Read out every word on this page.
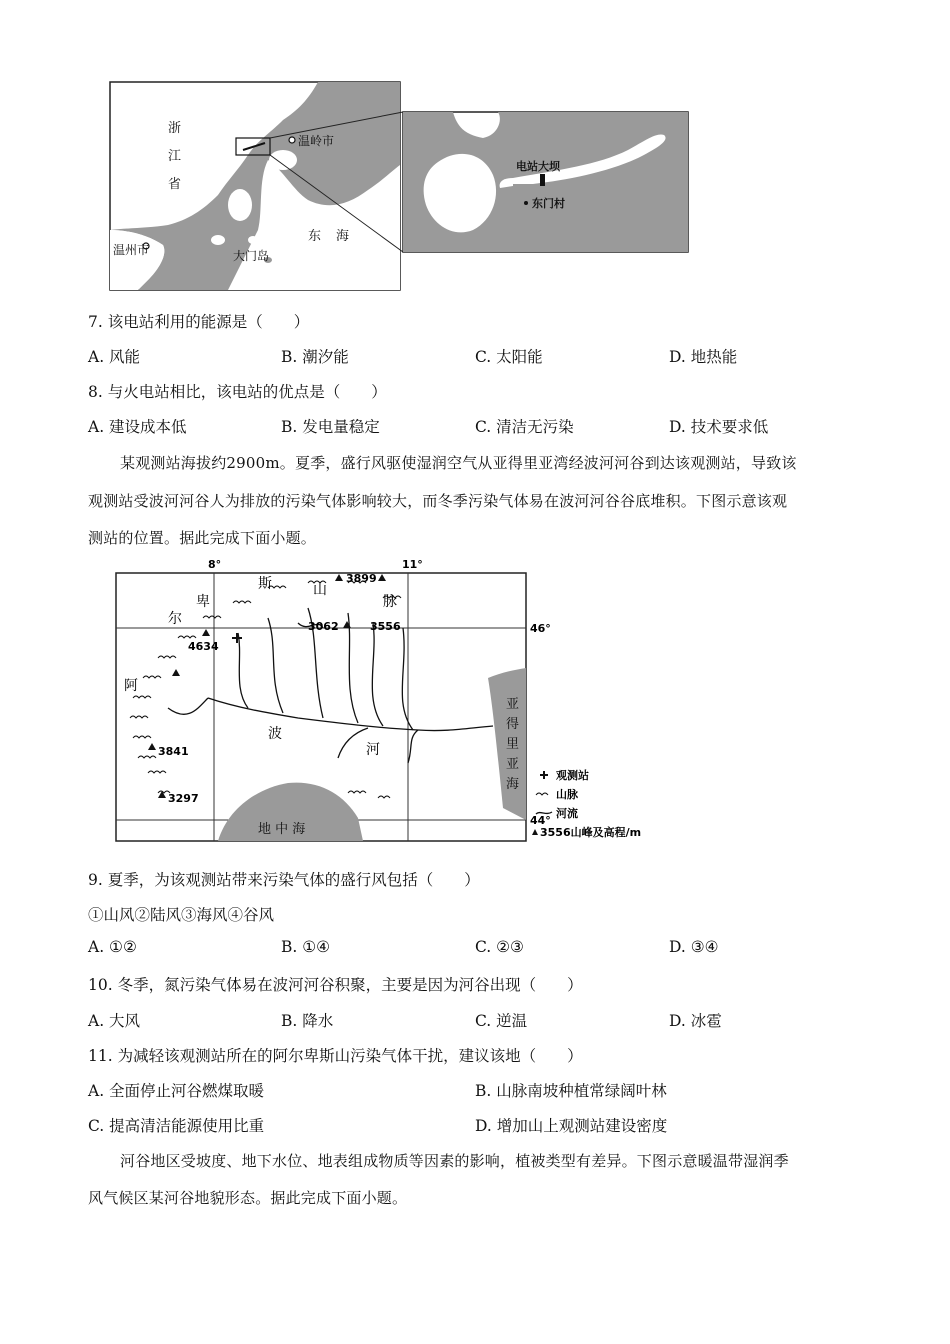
浙
江
省
温岭市
东 海
温州市	大门岛
电站大坝
东门村
7. 该电站利用的能源是（　　）
A. 风能	B. 潮汐能	C. 太阳能	D. 地热能
8. 与火电站相比，该电站的优点是（　　）
A. 建设成本低	B. 发电量稳定	C. 清洁无污染	D. 技术要求低
某观测站海拔约2900m。夏季，盛行风驱使湿润空气从亚得里亚湾经波河河谷到达该观测站，导致该
观测站受波河河谷人为排放的污染气体影响较大，而冬季污染气体易在波河河谷谷底堆积。下图示意该观
测站的位置。据此完成下面小题。
8°	11°
46°
44°
3899
3062	3556
4634
3841
3297
阿
尔
卑
斯	山
脉
波
河
亚
得
里
亚
海
地 中 海
观测站
山脉
河流
3556山峰及高程/m
9. 夏季，为该观测站带来污染气体的盛行风包括（　　）
①山风②陆风③海风④谷风
A. ①②	B. ①④	C. ②③	D. ③④
10. 冬季，氮污染气体易在波河河谷积聚，主要是因为河谷出现（　　）
A. 大风	B. 降水	C. 逆温	D. 冰雹
11. 为减轻该观测站所在的阿尔卑斯山污染气体干扰，建议该地（　　）
A. 全面停止河谷燃煤取暖	B. 山脉南坡种植常绿阔叶林
C. 提高清洁能源使用比重	D. 增加山上观测站建设密度
河谷地区受坡度、地下水位、地表组成物质等因素的影响，植被类型有差异。下图示意暖温带湿润季
风气候区某河谷地貌形态。据此完成下面小题。
